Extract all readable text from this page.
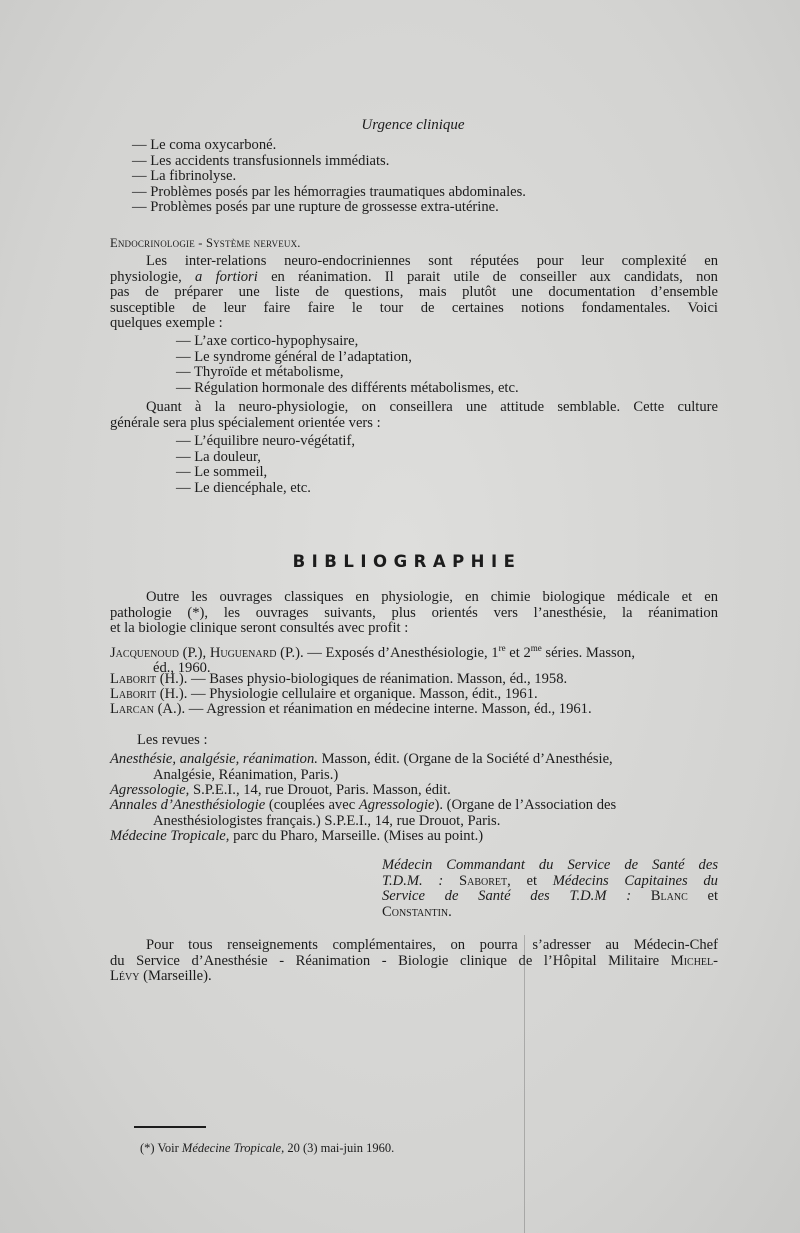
Urgence clinique
— Le coma oxycarboné.
— Les accidents transfusionnels immédiats.
— La fibrinolyse.
— Problèmes posés par les hémorragies traumatiques abdominales.
— Problèmes posés par une rupture de grossesse extra-utérine.
Endocrinologie - Système nerveux.
Les inter-relations neuro-endocriniennes sont réputées pour leur complexité en
physiologie, a fortiori en réanimation. Il parait utile de conseiller aux candidats, non
pas de préparer une liste de questions, mais plutôt une documentation d’ensemble
susceptible de leur faire faire le tour de certaines notions fondamentales. Voici
quelques exemple :
— L’axe cortico-hypophysaire,
— Le syndrome général de l’adaptation,
— Thyroïde et métabolisme,
— Régulation hormonale des différents métabolismes, etc.
Quant à la neuro-physiologie, on conseillera une attitude semblable. Cette culture
générale sera plus spécialement orientée vers :
— L’équilibre neuro-végétatif,
— La douleur,
— Le sommeil,
— Le diencéphale, etc.
BIBLIOGRAPHIE
Outre les ouvrages classiques en physiologie, en chimie biologique médicale et en
pathologie (*), les ouvrages suivants, plus orientés vers l’anesthésie, la réanimation
et la biologie clinique seront consultés avec profit :
Jacquenoud (P.), Huguenard (P.). — Exposés d’Anesthésiologie, 1re et $2^{me}$ séries. Masson,
éd., 1960.
Laborit (H.). — Bases physio-biologiques de réanimation. Masson, éd., 1958.
Laborit (H.). — Physiologie cellulaire et organique. Masson, édit., 1961.
Larcan (A.). — Agression et réanimation en médecine interne. Masson, éd., 1961.
Les revues :
Anesthésie, analgésie, réanimation. Masson, édit. (Organe de la Société d’Anesthésie,
Analgésie, Réanimation, Paris.)
Agressologie, S.P.E.I., 14, rue Drouot, Paris. Masson, édit.
Annales d’Anesthésiologie (couplées avec Agressologie). (Organe de l’Association des
Anesthésiologistes français.) S.P.E.I., 14, rue Drouot, Paris.
Médecine Tropicale, parc du Pharo, Marseille. (Mises au point.)
Médecin Commandant du Service de Santé des
T.D.M. : Saboret, et Médecins Capitaines du
Service de Santé des T.D.M : Blanc et
Constantin.
Pour tous renseignements complémentaires, on pourra s’adresser au Médecin-Chef
du Service d’Anesthésie - Réanimation - Biologie clinique de l’Hôpital Militaire Michel-
Lévy (Marseille).
(*) Voir Médecine Tropicale, 20 (3) mai-juin 1960.
